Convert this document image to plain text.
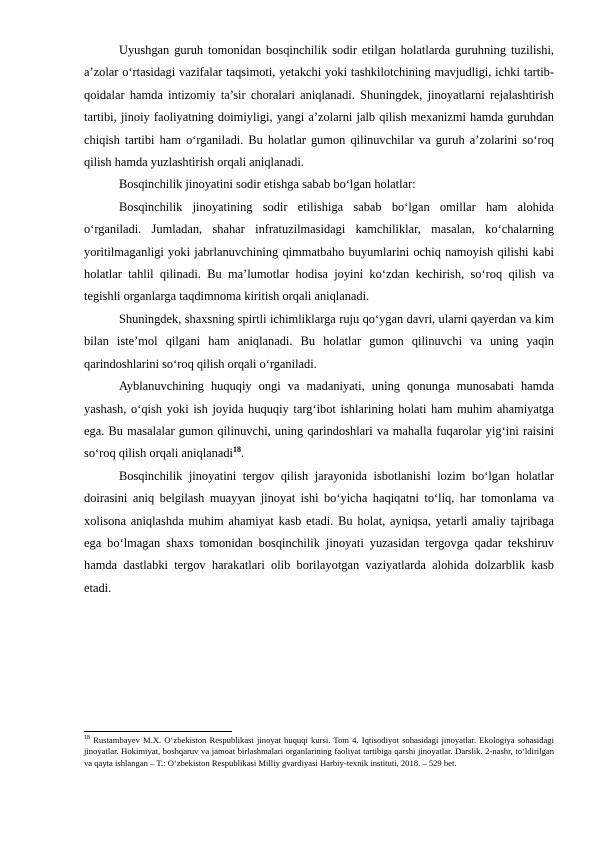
Uyushgan guruh tomonidan bosqinchilik sodir etilgan holatlarda guruhning tuzilishi, a’zolar o‘rtasidagi vazifalar taqsimoti, yetakchi yoki tashkilotchining mavjudligi, ichki tartib-qoidalar hamda intizomiy ta’sir choralari aniqlanadi. Shuningdek, jinoyatlarni rejalashtirish tartibi, jinoiy faoliyatning doimiyligi, yangi a’zolarni jalb qilish mexanizmi hamda guruhdan chiqish tartibi ham o‘rganiladi. Bu holatlar gumon qilinuvchilar va guruh a’zolarini so‘roq qilish hamda yuzlashtirish orqali aniqlanadi.

Bosqinchilik jinoyatini sodir etishga sabab bo‘lgan holatlar:

Bosqinchilik jinoyatining sodir etilishiga sabab bo‘lgan omillar ham alohida o‘rganiladi. Jumladan, shahar infratuzilmasidagi kamchiliklar, masalan, ko‘chalarning yoritilmaganligi yoki jabrlanuvchining qimmatbaho buyumlarini ochiq namoyish qilishi kabi holatlar tahlil qilinadi. Bu ma’lumotlar hodisa joyini ko‘zdan kechirish, so‘roq qilish va tegishli organlarga taqdimnoma kiritish orqali aniqlanadi.

Shuningdek, shaxsning spirtli ichimliklarga ruju qo‘ygan davri, ularni qayerdan va kim bilan iste’mol qilgani ham aniqlanadi. Bu holatlar gumon qilinuvchi va uning yaqin qarindoshlarini so‘roq qilish orqali o‘rganiladi.

Ayblanuvchining huquqiy ongi va madaniyati, uning qonunga munosabati hamda yashash, o‘qish yoki ish joyida huquqiy targ‘ibot ishlarining holati ham muhim ahamiyatga ega. Bu masalalar gumon qilinuvchi, uning qarindoshlari va mahalla fuqarolar yig‘ini raisini so‘roq qilish orqali aniqlanadi$^{18}$.

Bosqinchilik jinoyatini tergov qilish jarayonida isbotlanishi lozim bo‘lgan holatlar doirasini aniq belgilash muayyan jinoyat ishi bo‘yicha haqiqatni to‘liq, har tomonlama va xolisona aniqlashda muhim ahamiyat kasb etadi. Bu holat, ayniqsa, yetarli amaliy tajribaga ega bo‘lmagan shaxs tomonidan bosqinchilik jinoyati yuzasidan tergovga qadar tekshiruv hamda dastlabki tergov harakatlari olib borilayotgan vaziyatlarda alohida dolzarblik kasb etadi.

$^{18}$ Rustambayev M.X. O‘zbekiston Respublikasi jinoyat huquqi kursi. Tom 4. Iqtisodiyot sohasidagi jinoyatlar. Ekologiya sohasidagi jinoyatlar. Hokimiyat, boshqaruv va jamoat birlashmalari organlarining faoliyat tartibiga qarshi jinoyatlar. Darslik. 2-nashr, to‘ldirilgan va qayta ishlangan – T.: O‘zbekiston Respublikasi Milliy gvardiyasi Harbiy-texnik instituti, 2018. – 529 bet.
